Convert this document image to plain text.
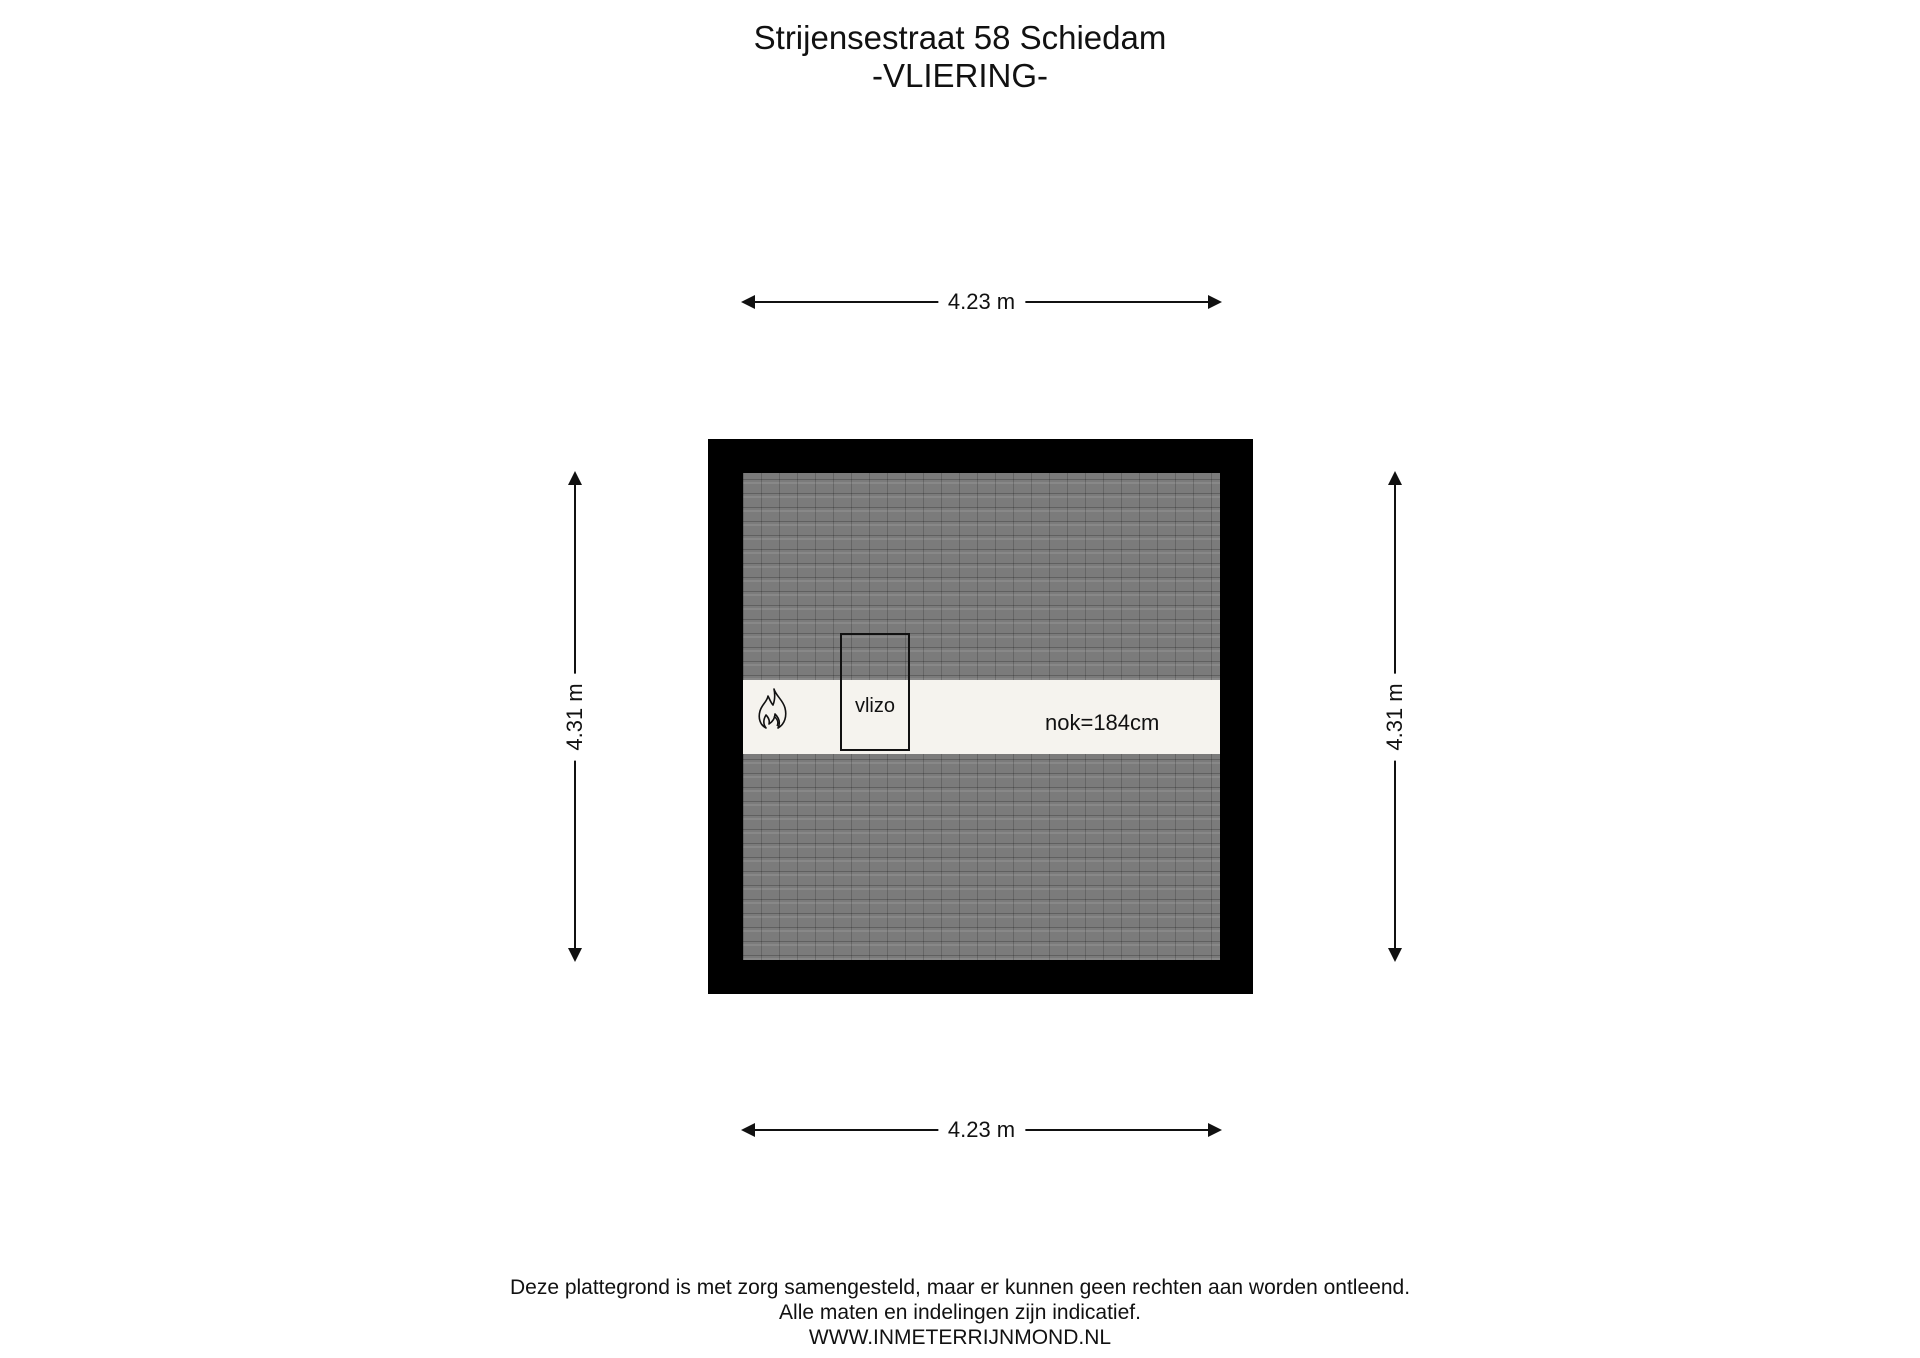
Strijensestraat 58 Schiedam
-VLIERING-
4.23 m
4.31 m	4.31 m
vlizo
nok=184cm
4.23 m
Deze plattegrond is met zorg samengesteld, maar er kunnen geen rechten aan worden ontleend.
Alle maten en indelingen zijn indicatief.
WWW.INMETERRIJNMOND.NL
